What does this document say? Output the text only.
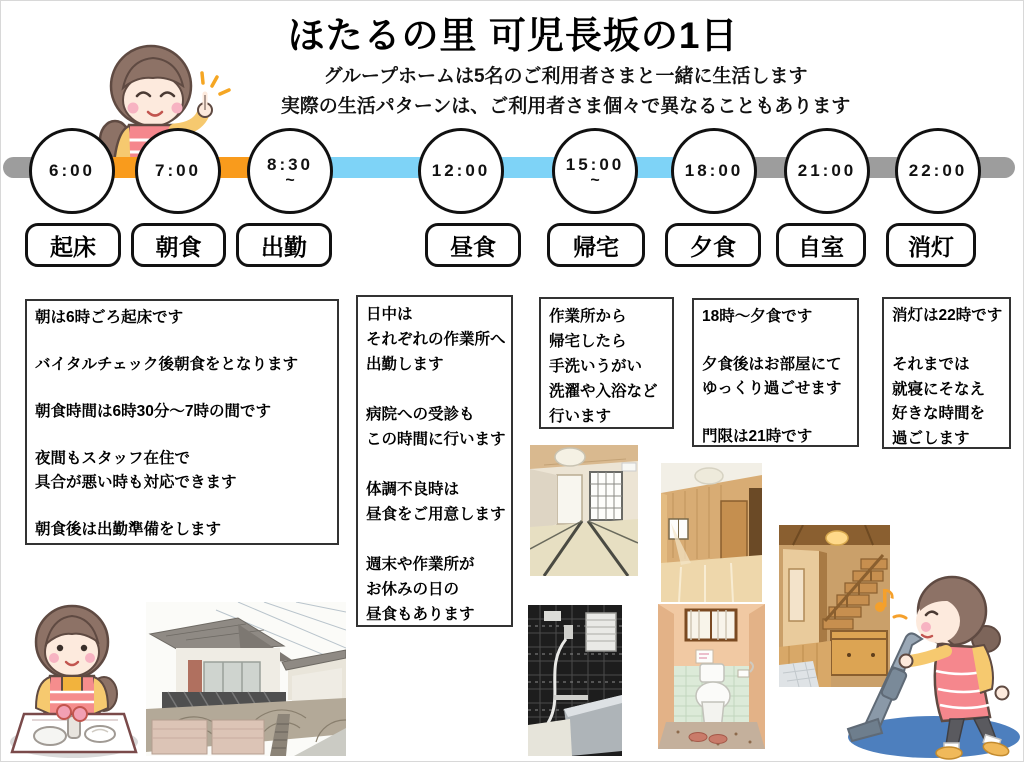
ほたるの里 可児長坂の1日
グループホームは5名のご利用者さまと一緒に生活します
実際の生活パターンは、ご利用者さま個々で異なることもあります
6:00	7:00	8:30
~
12:00	15:00
~
18:00	21:00	22:00
起床	朝食	出勤	昼食	帰宅	夕食	自室	消灯
朝は6時ごろ起床です
バイタルチェック後朝食をとなります
朝食時間は6時30分〜7時の間です
夜間もスタッフ在住で
具合が悪い時も対応できます
朝食後は出勤準備をします
日中は
それぞれの作業所へ
出勤します
病院への受診も
この時間に行います
体調不良時は
昼食をご用意します
週末や作業所が
お休みの日の
昼食もあります
作業所から
帰宅したら
手洗いうがい
洗濯や入浴など
行います
18時〜夕食です
夕食後はお部屋にて
ゆっくり過ごせます
門限は21時です
消灯は22時です
それまでは
就寝にそなえ
好きな時間を
過ごします
